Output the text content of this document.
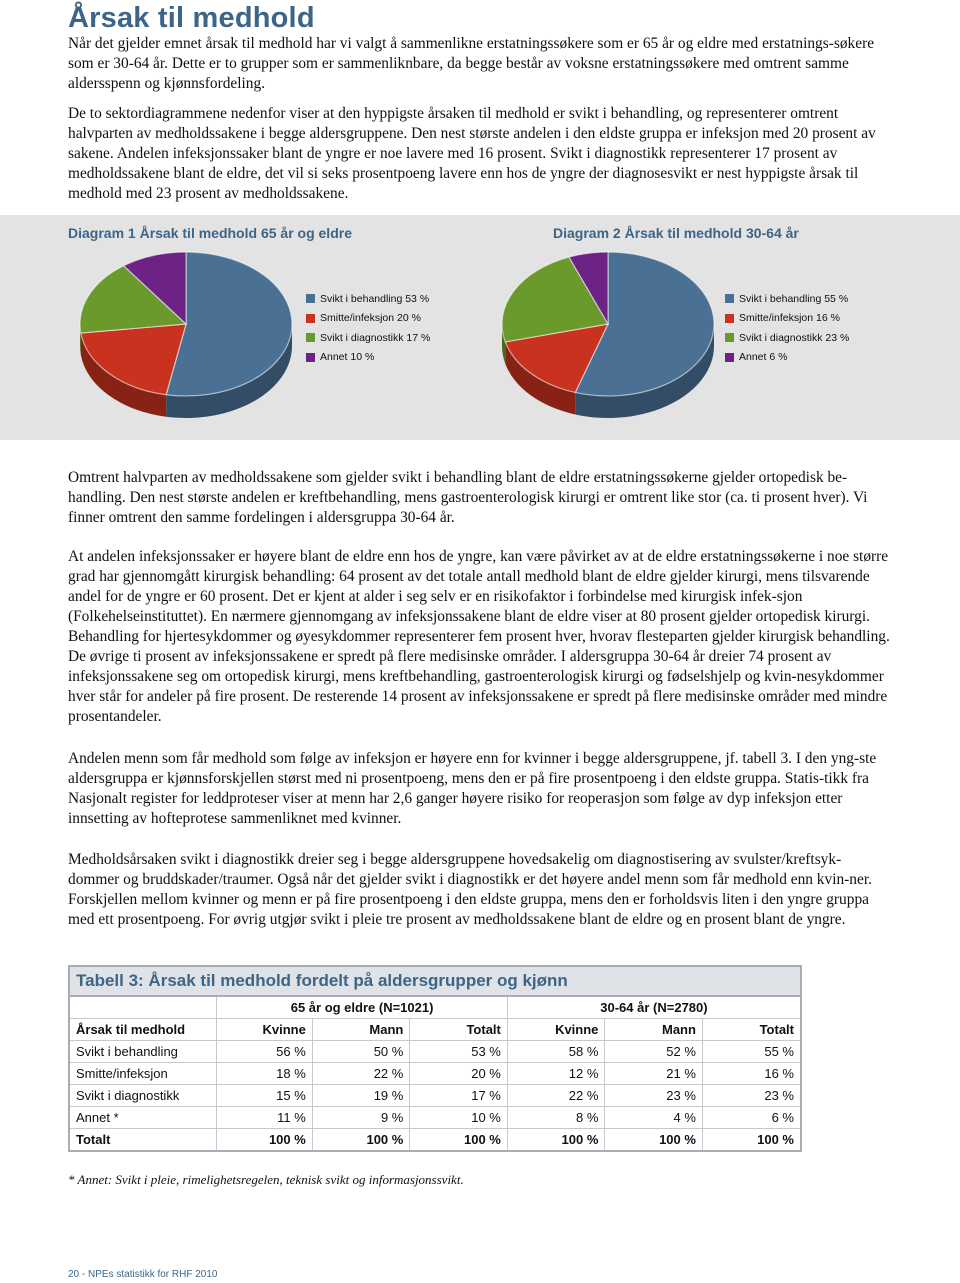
Årsak til medhold

Når det gjelder emnet årsak til medhold har vi valgt å sammenlikne erstatningssøkere som er 65 år og eldre med erstatnings-søkere som er 30-64 år. Dette er to grupper som er sammenliknbare, da begge består av voksne erstatningssøkere med omtrent samme aldersspenn og kjønnsfordeling.

De to sektordiagrammene nedenfor viser at den hyppigste årsaken til medhold er svikt i behandling, og representerer omtrent halvparten av medholdssakene i begge aldersgruppene. Den nest største andelen i den eldste gruppa er infeksjon med 20 prosent av sakene. Andelen infeksjonssaker blant de yngre er noe lavere med 16 prosent. Svikt i diagnostikk representerer 17 prosent av medholdssakene blant de eldre, det vil si seks prosentpoeng lavere enn hos de yngre der diagnosesvikt er nest hyppigste årsak til medhold med 23 prosent av medholdssakene.

Diagram 1 Årsak til medhold 65 år og eldre	Diagram 2 Årsak til medhold 30-64 år

Svikt i behandling 53 %
Smitte/infeksjon 20 %
Svikt i diagnostikk 17 %
Annet 10 %
Svikt i behandling 55 %
Smitte/infeksjon 16 %
Svikt i diagnostikk 23 %
Annet 6 %

Omtrent halvparten av medholdssakene som gjelder svikt i behandling blant de eldre erstatningssøkerne gjelder ortopedisk be-handling. Den nest største andelen er kreftbehandling, mens gastroenterologisk kirurgi er omtrent like stor (ca. ti prosent hver). Vi finner omtrent den samme fordelingen i aldersgruppa 30-64 år.

At andelen infeksjonssaker er høyere blant de eldre enn hos de yngre, kan være påvirket av at de eldre erstatningssøkerne i noe større grad har gjennomgått kirurgisk behandling: 64 prosent av det totale antall medhold blant de eldre gjelder kirurgi, mens tilsvarende andel for de yngre er 60 prosent. Det er kjent at alder i seg selv er en risikofaktor i forbindelse med kirurgisk infek-sjon (Folkehelseinstituttet). En nærmere gjennomgang av infeksjonssakene blant de eldre viser at 80 prosent gjelder ortopedisk kirurgi. Behandling for hjertesykdommer og øyesykdommer representerer fem prosent hver, hvorav flesteparten gjelder kirurgisk behandling. De øvrige ti prosent av infeksjonssakene er spredt på flere medisinske områder. I aldersgruppa 30-64 år dreier 74 prosent av infeksjonssakene seg om ortopedisk kirurgi, mens kreftbehandling, gastroenterologisk kirurgi og fødselshjelp og kvin-nesykdommer hver står for andeler på fire prosent. De resterende 14 prosent av infeksjonssakene er spredt på flere medisinske områder med mindre prosentandeler.

Andelen menn som får medhold som følge av infeksjon er høyere enn for kvinner i begge aldersgruppene, jf. tabell 3. I den yng-ste aldersgruppa er kjønnsforskjellen størst med ni prosentpoeng, mens den er på fire prosentpoeng i den eldste gruppa. Statis-tikk fra Nasjonalt register for leddproteser viser at menn har 2,6 ganger høyere risiko for reoperasjon som følge av dyp infeksjon etter innsetting av hofteprotese sammenliknet med kvinner.

Medholdsårsaken svikt i diagnostikk dreier seg i begge aldersgruppene hovedsakelig om diagnostisering av svulster/kreftsyk-dommer og bruddskader/traumer. Også når det gjelder svikt i diagnostikk er det høyere andel menn som får medhold enn kvin-ner. Forskjellen mellom kvinner og menn er på fire prosentpoeng i den eldste gruppa, mens den er forholdsvis liten i den yngre gruppa med ett prosentpoeng. For øvrig utgjør svikt i pleie tre prosent av medholdssakene blant de eldre og en prosent blant de yngre.

Tabell 3: Årsak til medhold fordelt på aldersgrupper og kjønn
	65 år og eldre (N=1021)			30-64 år (N=2780)		
Årsak til medhold	Kvinne	Mann	Totalt	Kvinne	Mann	Totalt
Svikt i behandling	56 %	50 %	53 %	58 %	52 %	55 %
Smitte/infeksjon	18 %	22 %	20 %	12 %	21 %	16 %
Svikt i diagnostikk	15 %	19 %	17 %	22 %	23 %	23 %
Annet *	11 %	9 %	10 %	8 %	4 %	6 %
Totalt	100 %	100 %	100 %	100 %	100 %	100 %

* Annet: Svikt i pleie, rimelighetsregelen, teknisk svikt og informasjonssvikt.

20 - NPEs statistikk for RHF 2010
